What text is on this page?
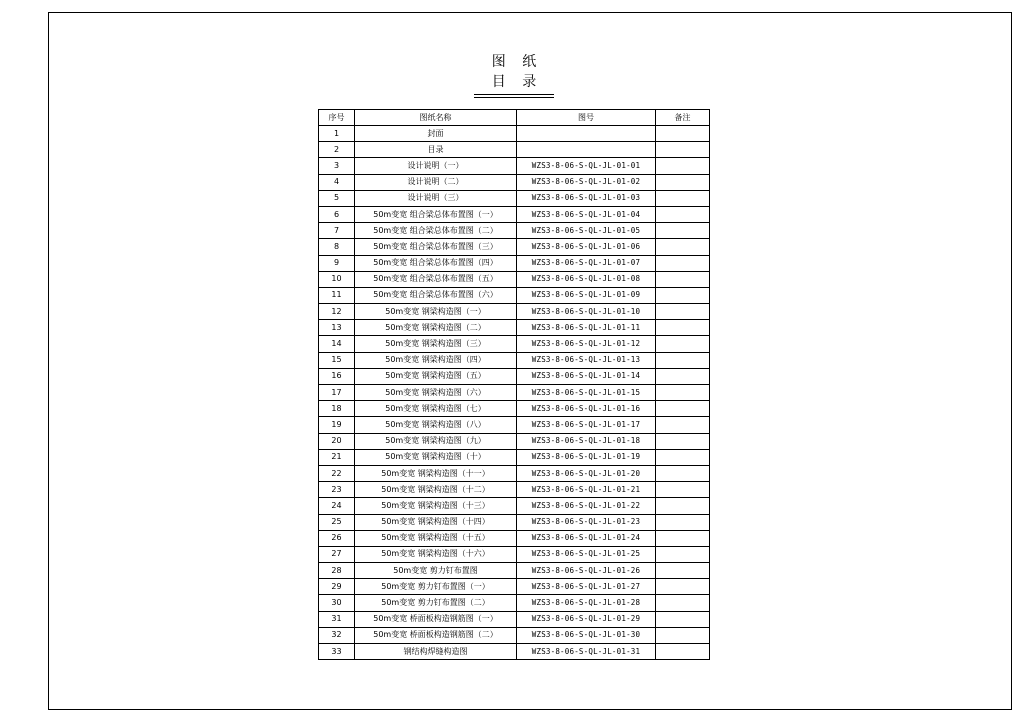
图 纸 目 录
序号	图纸名称	图号	备注
1	封面		
2	目录		
3	设计说明（一）	WZS3-8-06-S-QL-JL-01-01	
4	设计说明（二）	WZS3-8-06-S-QL-JL-01-02	
5	设计说明（三）	WZS3-8-06-S-QL-JL-01-03	
6	50m变宽 组合梁总体布置图（一）	WZS3-8-06-S-QL-JL-01-04	
7	50m变宽 组合梁总体布置图（二）	WZS3-8-06-S-QL-JL-01-05	
8	50m变宽 组合梁总体布置图（三）	WZS3-8-06-S-QL-JL-01-06	
9	50m变宽 组合梁总体布置图（四）	WZS3-8-06-S-QL-JL-01-07	
10	50m变宽 组合梁总体布置图（五）	WZS3-8-06-S-QL-JL-01-08	
11	50m变宽 组合梁总体布置图（六）	WZS3-8-06-S-QL-JL-01-09	
12	50m变宽 钢梁构造图（一）	WZS3-8-06-S-QL-JL-01-10	
13	50m变宽 钢梁构造图（二）	WZS3-8-06-S-QL-JL-01-11	
14	50m变宽 钢梁构造图（三）	WZS3-8-06-S-QL-JL-01-12	
15	50m变宽 钢梁构造图（四）	WZS3-8-06-S-QL-JL-01-13	
16	50m变宽 钢梁构造图（五）	WZS3-8-06-S-QL-JL-01-14	
17	50m变宽 钢梁构造图（六）	WZS3-8-06-S-QL-JL-01-15	
18	50m变宽 钢梁构造图（七）	WZS3-8-06-S-QL-JL-01-16	
19	50m变宽 钢梁构造图（八）	WZS3-8-06-S-QL-JL-01-17	
20	50m变宽 钢梁构造图（九）	WZS3-8-06-S-QL-JL-01-18	
21	50m变宽 钢梁构造图（十）	WZS3-8-06-S-QL-JL-01-19	
22	50m变宽 钢梁构造图（十一）	WZS3-8-06-S-QL-JL-01-20	
23	50m变宽 钢梁构造图（十二）	WZS3-8-06-S-QL-JL-01-21	
24	50m变宽 钢梁构造图（十三）	WZS3-8-06-S-QL-JL-01-22	
25	50m变宽 钢梁构造图（十四）	WZS3-8-06-S-QL-JL-01-23	
26	50m变宽 钢梁构造图（十五）	WZS3-8-06-S-QL-JL-01-24	
27	50m变宽 钢梁构造图（十六）	WZS3-8-06-S-QL-JL-01-25	
28	50m变宽 剪力钉布置图	WZS3-8-06-S-QL-JL-01-26	
29	50m变宽 剪力钉布置图（一）	WZS3-8-06-S-QL-JL-01-27	
30	50m变宽 剪力钉布置图（二）	WZS3-8-06-S-QL-JL-01-28	
31	50m变宽 桥面板构造钢筋图（一）	WZS3-8-06-S-QL-JL-01-29	
32	50m变宽 桥面板构造钢筋图（二）	WZS3-8-06-S-QL-JL-01-30	
33	钢结构焊缝构造图	WZS3-8-06-S-QL-JL-01-31	
